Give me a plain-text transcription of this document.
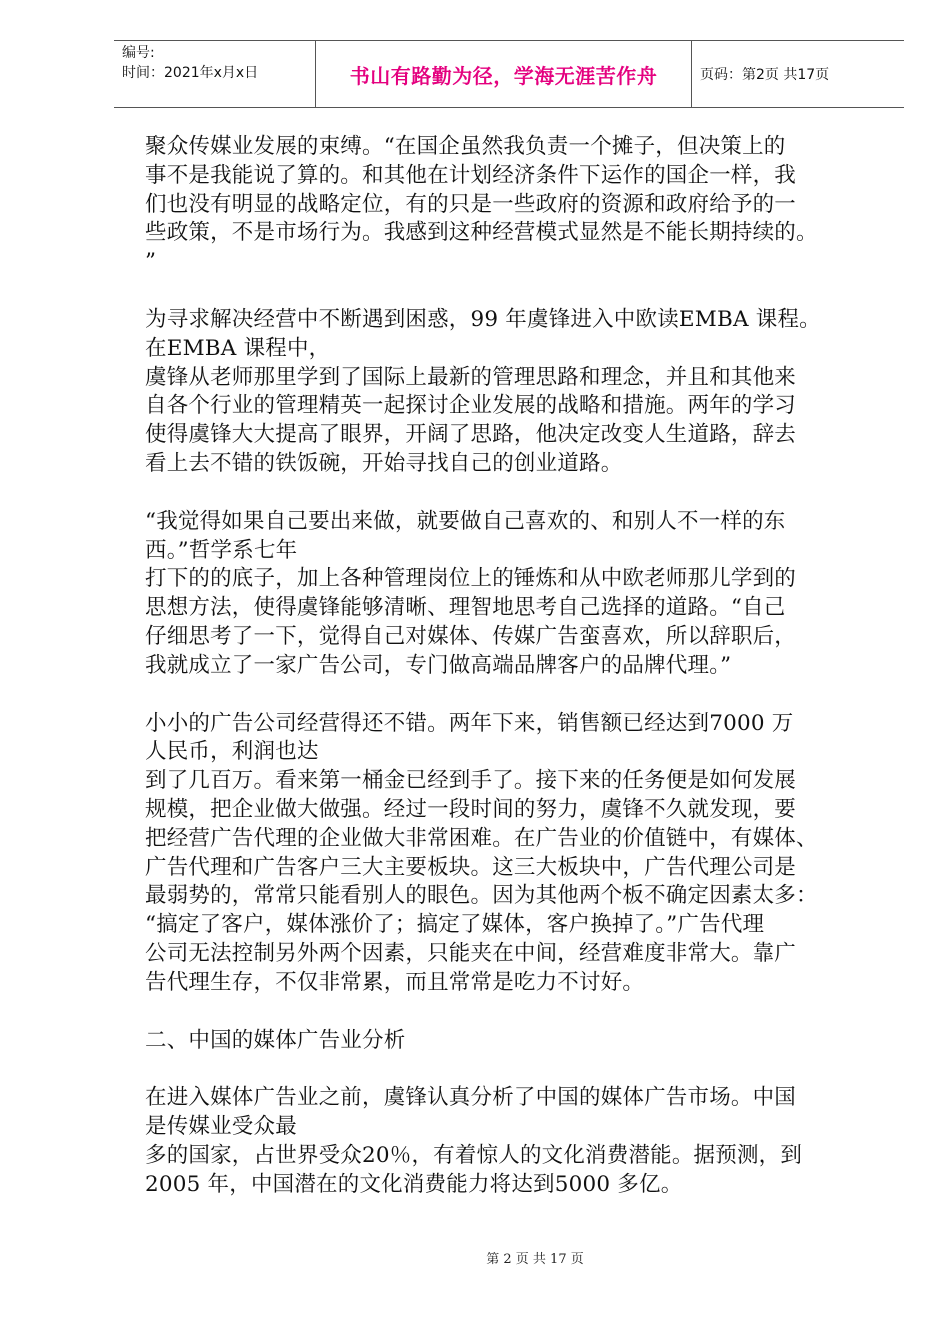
编号:
时间：2021年x月x日	书山有路勤为径，学海无涯苦作舟	页码：第2页 共17页
聚众传媒业发展的束缚。“在国企虽然我负责一个摊子，但决策上的
事不是我能说了算的。和其他在计划经济条件下运作的国企一样，我
们也没有明显的战略定位，有的只是一些政府的资源和政府给予的一
些政策，不是市场行为。我感到这种经营模式显然是不能长期持续的。
”
为寻求解决经营中不断遇到困惑，99 年虞锋进入中欧读EMBA 课程。
在EMBA 课程中，
虞锋从老师那里学到了国际上最新的管理思路和理念，并且和其他来
自各个行业的管理精英一起探讨企业发展的战略和措施。两年的学习
使得虞锋大大提高了眼界，开阔了思路，他决定改变人生道路，辞去
看上去不错的铁饭碗，开始寻找自己的创业道路。
“我觉得如果自己要出来做，就要做自己喜欢的、和别人不一样的东
西。”哲学系七年
打下的的底子，加上各种管理岗位上的锤炼和从中欧老师那儿学到的
思想方法，使得虞锋能够清晰、理智地思考自己选择的道路。“自己
仔细思考了一下，觉得自己对媒体、传媒广告蛮喜欢，所以辞职后，
我就成立了一家广告公司，专门做高端品牌客户的品牌代理。”
小小的广告公司经营得还不错。两年下来，销售额已经达到7000 万
人民币，利润也达
到了几百万。看来第一桶金已经到手了。接下来的任务便是如何发展
规模，把企业做大做强。经过一段时间的努力，虞锋不久就发现，要
把经营广告代理的企业做大非常困难。在广告业的价值链中，有媒体、
广告代理和广告客户三大主要板块。这三大板块中，广告代理公司是
最弱势的，常常只能看别人的眼色。因为其他两个板不确定因素太多：
“搞定了客户，媒体涨价了；搞定了媒体，客户换掉了。”广告代理
公司无法控制另外两个因素，只能夹在中间，经营难度非常大。靠广
告代理生存，不仅非常累，而且常常是吃力不讨好。
二、中国的媒体广告业分析
在进入媒体广告业之前，虞锋认真分析了中国的媒体广告市场。中国
是传媒业受众最
多的国家，占世界受众20％，有着惊人的文化消费潜能。据预测，到
2005 年，中国潜在的文化消费能力将达到5000 多亿。
第 2 页 共 17 页
